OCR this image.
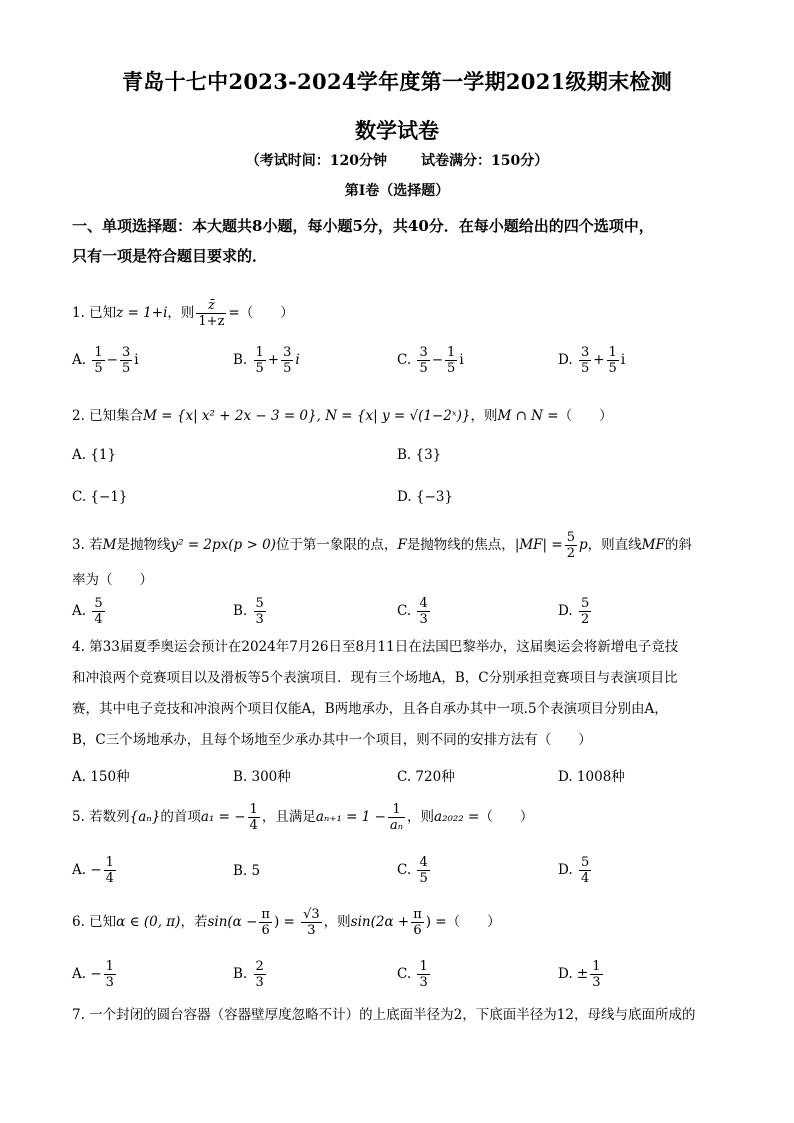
青岛十七中2023-2024学年度第一学期2021级期末检测
数学试卷
（考试时间：120分钟 试卷满分：150分）
第I卷（选择题）
一、单项选择题：本大题共8小题，每小题5分，共40分．在每小题给出的四个选项中，
只有一项是符合题目要求的．
1. 已知z = 1+i，则 $\frac{z̄}{1+z}$ =（　　）
A. $\frac{1}{5} - \frac{3}{5}$ i	B. $\frac{1}{5} + \frac{3}{5}$ i	C. $\frac{3}{5} - \frac{1}{5}$ i	D. $\frac{3}{5} + \frac{1}{5}$ i
2. 已知集合M = {x| x² + 2x − 3 = 0}, N = {x| y = √(1−2ˣ)}，则M ∩ N =（　　）
A. {1}	B. {3}
C. {−1}	D. {−3}
3. 若M是抛物线y² = 2px(p > 0)位于第一象限的点，F是抛物线的焦点，$|MF| = \frac{5}{2}$ p，则直线MF的斜
率为（　　）
A. $\frac{5}{4}$	B. $\frac{5}{3}$	C. $\frac{4}{3}$	D. $\frac{5}{2}$
4. 第33届夏季奥运会预计在2024年7月26日至8月11日在法国巴黎举办，这届奥运会将新增电子竞技
和冲浪两个竞赛项目以及滑板等5个表演项目．现有三个场地A，B，C分别承担竞赛项目与表演项目比
赛，其中电子竞技和冲浪两个项目仅能A，B两地承办，且各自承办其中一项.5个表演项目分别由A，
B，C三个场地承办，且每个场地至少承办其中一个项目，则不同的安排方法有（　　）
A. 150种	B. 300种	C. 720种	D. 1008种
5. 若数列{aₙ}的首项a₁ = − $\frac{1}{4}$ ，且满足$a_{n+1} = 1 - \frac{1}{\text{aₙ}}$ ，则a₂₀₂₂ =（　　）
A. − $\frac{1}{4}$	B. 5	C. $\frac{4}{5}$	D. $\frac{5}{4}$
6. 已知α ∈ (0, π)，若$\sin(\alpha - \frac{\pi}{6}$ ) = $\frac{√3}{3}$ ，则$\sin(2\alpha + \frac{\pi}{6}$ ) =（　　）
A. − $\frac{1}{3}$	B. $\frac{2}{3}$	C. $\frac{1}{3}$	D. ± $\frac{1}{3}$
7. 一个封闭的圆台容器（容器壁厚度忽略不计）的上底面半径为2，下底面半径为12，母线与底面所成的
